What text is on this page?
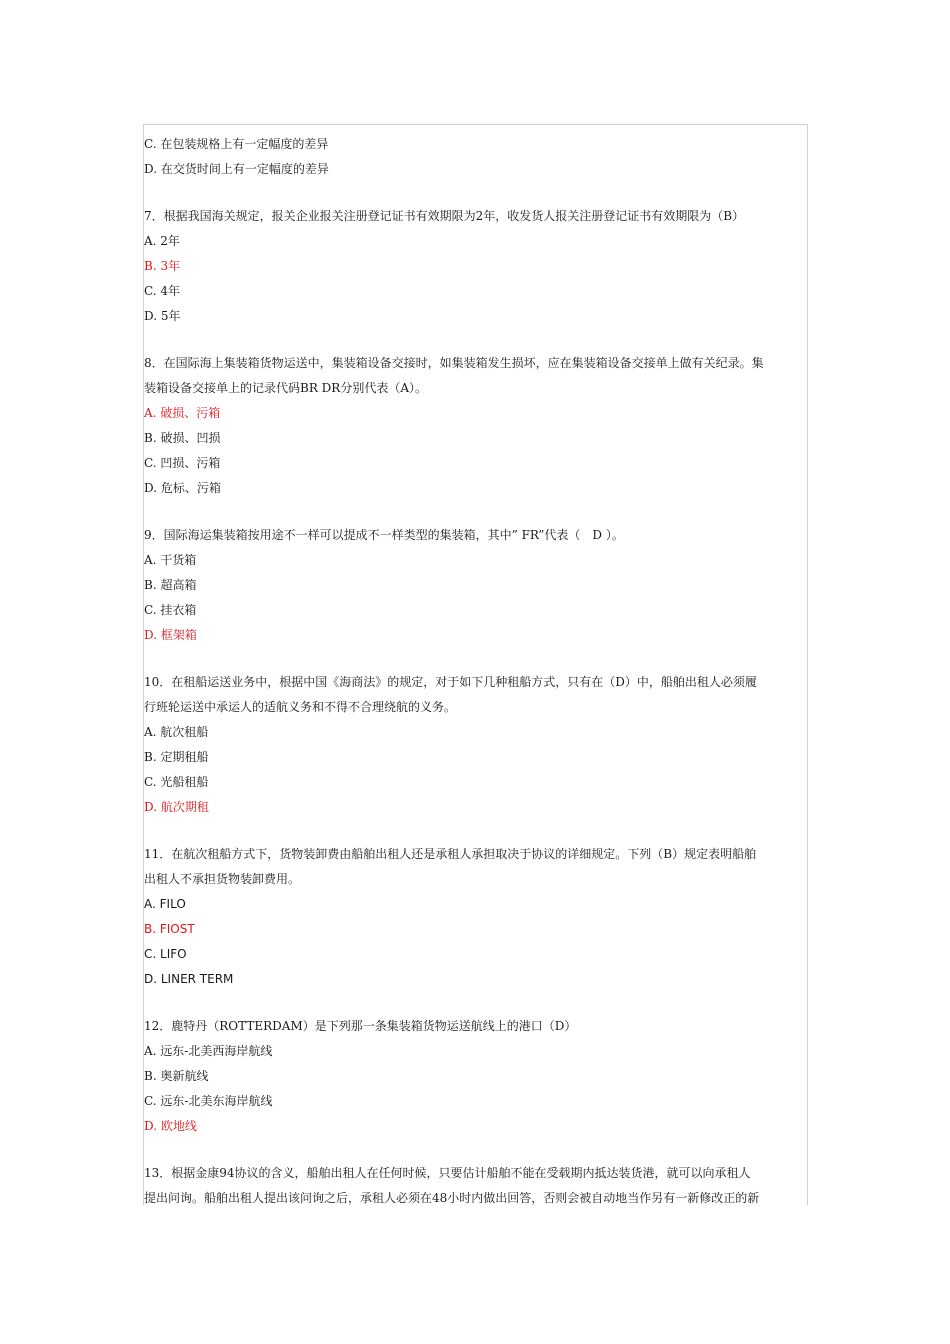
C. 在包装规格上有一定幅度的差异
D. 在交货时间上有一定幅度的差异
7．根据我国海关规定，报关企业报关注册登记证书有效期限为2年，收发货人报关注册登记证书有效期限为（B）
A. 2年
B. 3年
C. 4年
D. 5年
8．在国际海上集装箱货物运送中，集装箱设备交接时，如集装箱发生损坏，应在集装箱设备交接单上做有关纪录。集
装箱设备交接单上的记录代码BR DR分别代表（A）。
A. 破损、污箱
B. 破损、凹损
C. 凹损、污箱
D. 危标、污箱
9．国际海运集装箱按用途不一样可以提成不一样类型的集装箱，其中” FR”代表（　D ）。
A. 干货箱
B. 超高箱
C. 挂衣箱
D. 框架箱
10．在租船运送业务中，根据中国《海商法》的规定，对于如下几种租船方式，只有在（D）中，船舶出租人必须履
行班轮运送中承运人的适航义务和不得不合理绕航的义务。
A. 航次租船
B. 定期租船
C. 光船租船
D. 航次期租
11．在航次租船方式下，货物装卸费由船舶出租人还是承租人承担取决于协议的详细规定。下列（B）规定表明船舶
出租人不承担货物装卸费用。
A. FILO
B. FIOST
C. LIFO
D. LINER TERM
12．鹿特丹（ROTTERDAM）是下列那一条集装箱货物运送航线上的港口（D）
A. 远东-北美西海岸航线
B. 奥新航线
C. 远东-北美东海岸航线
D. 欧地线
13．根据金康94协议的含义，船舶出租人在任何时候，只要估计船舶不能在受载期内抵达装货港，就可以向承租人
提出问询。船舶出租人提出该问询之后，承租人必须在48小时内做出回答，否则会被自动地当作另有一新修改正的新
